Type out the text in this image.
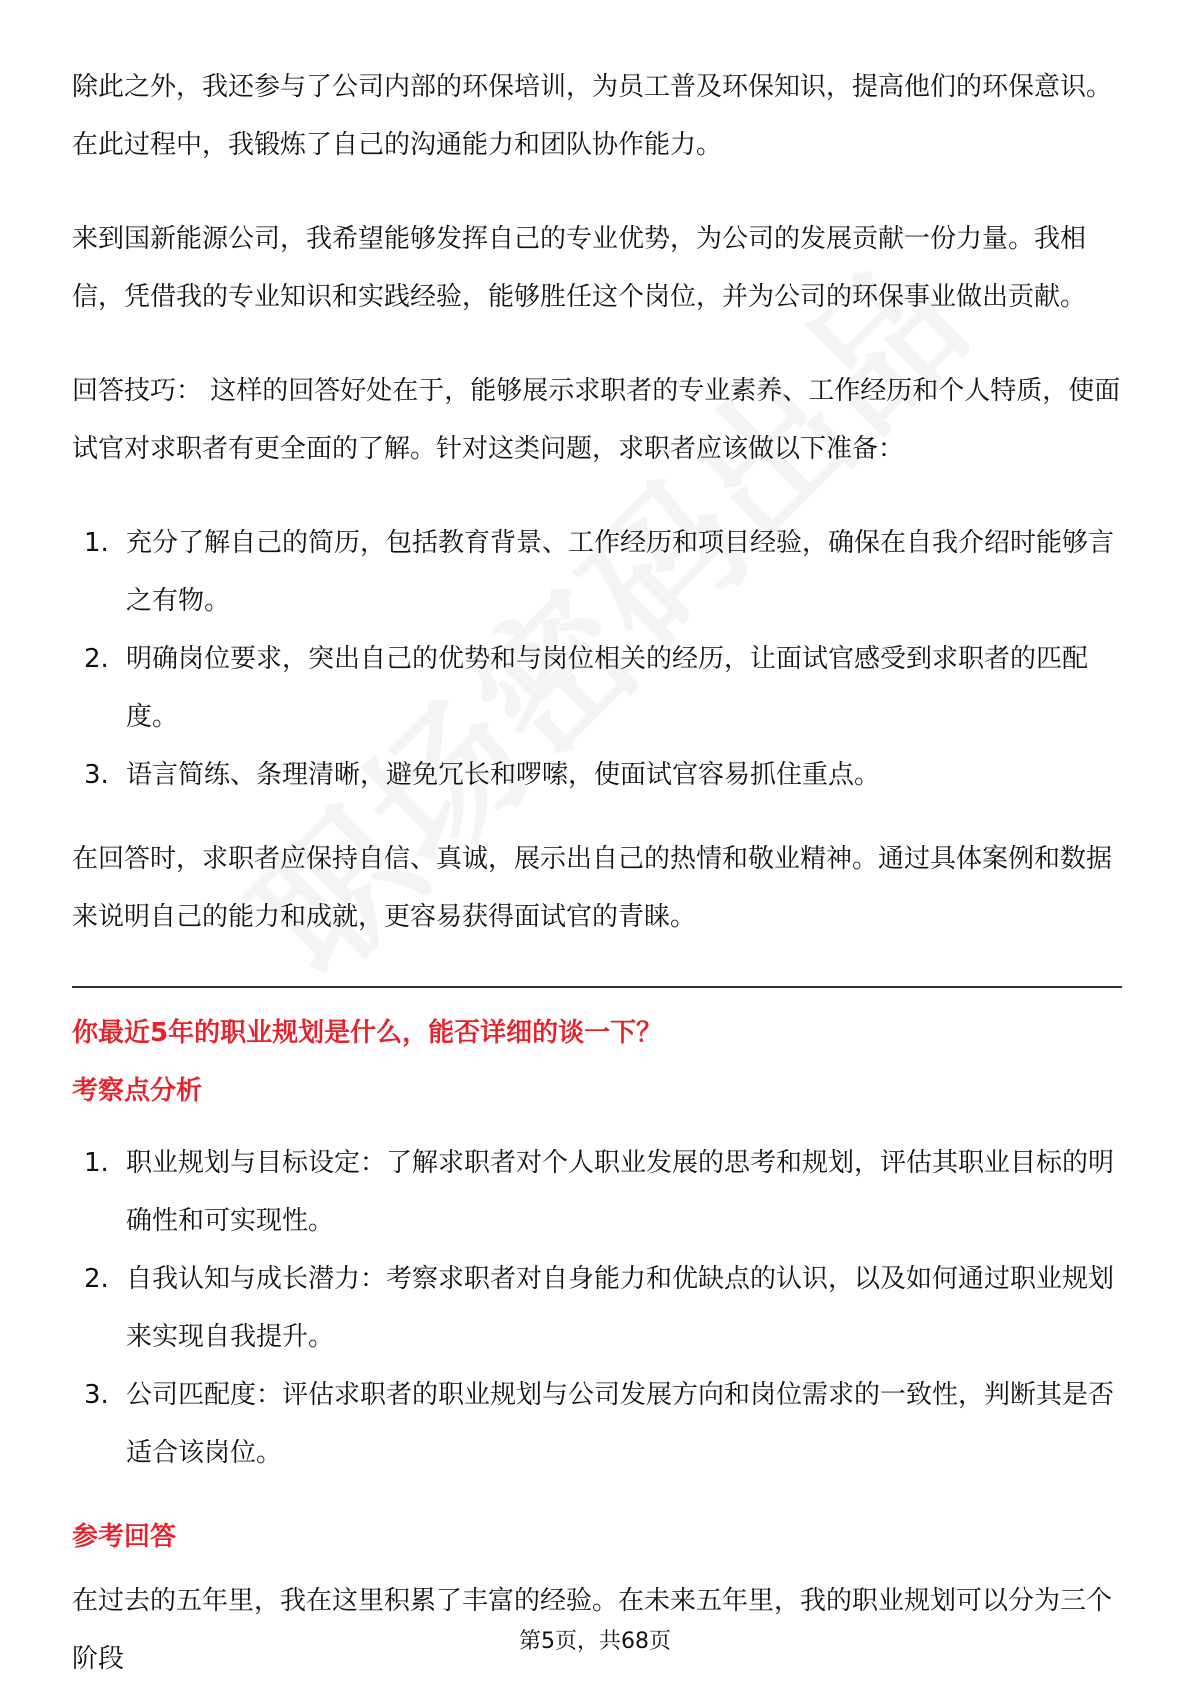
除此之外，我还参与了公司内部的环保培训，为员工普及环保知识，提高他们的环保意识。在此过程中，我锻炼了自己的沟通能力和团队协作能力。

来到国新能源公司，我希望能够发挥自己的专业优势，为公司的发展贡献一份力量。我相信，凭借我的专业知识和实践经验，能够胜任这个岗位，并为公司的环保事业做出贡献。

回答技巧： 这样的回答好处在于，能够展示求职者的专业素养、工作经历和个人特质，使面试官对求职者有更全面的了解。针对这类问题，求职者应该做以下准备：

1. 充分了解自己的简历，包括教育背景、工作经历和项目经验，确保在自我介绍时能够言之有物。
2. 明确岗位要求，突出自己的优势和与岗位相关的经历，让面试官感受到求职者的匹配度。
3. 语言简练、条理清晰，避免冗长和啰嗦，使面试官容易抓住重点。

在回答时，求职者应保持自信、真诚，展示出自己的热情和敬业精神。通过具体案例和数据来说明自己的能力和成就，更容易获得面试官的青睐。

你最近5年的职业规划是什么，能否详细的谈一下？
考察点分析
1. 职业规划与目标设定：了解求职者对个人职业发展的思考和规划，评估其职业目标的明确性和可实现性。
2. 自我认知与成长潜力：考察求职者对自身能力和优缺点的认识，以及如何通过职业规划来实现自我提升。
3. 公司匹配度：评估求职者的职业规划与公司发展方向和岗位需求的一致性，判断其是否适合该岗位。
参考回答
在过去的五年里，我在这里积累了丰富的经验。在未来五年里，我的职业规划可以分为三个阶段
第5页，共68页
